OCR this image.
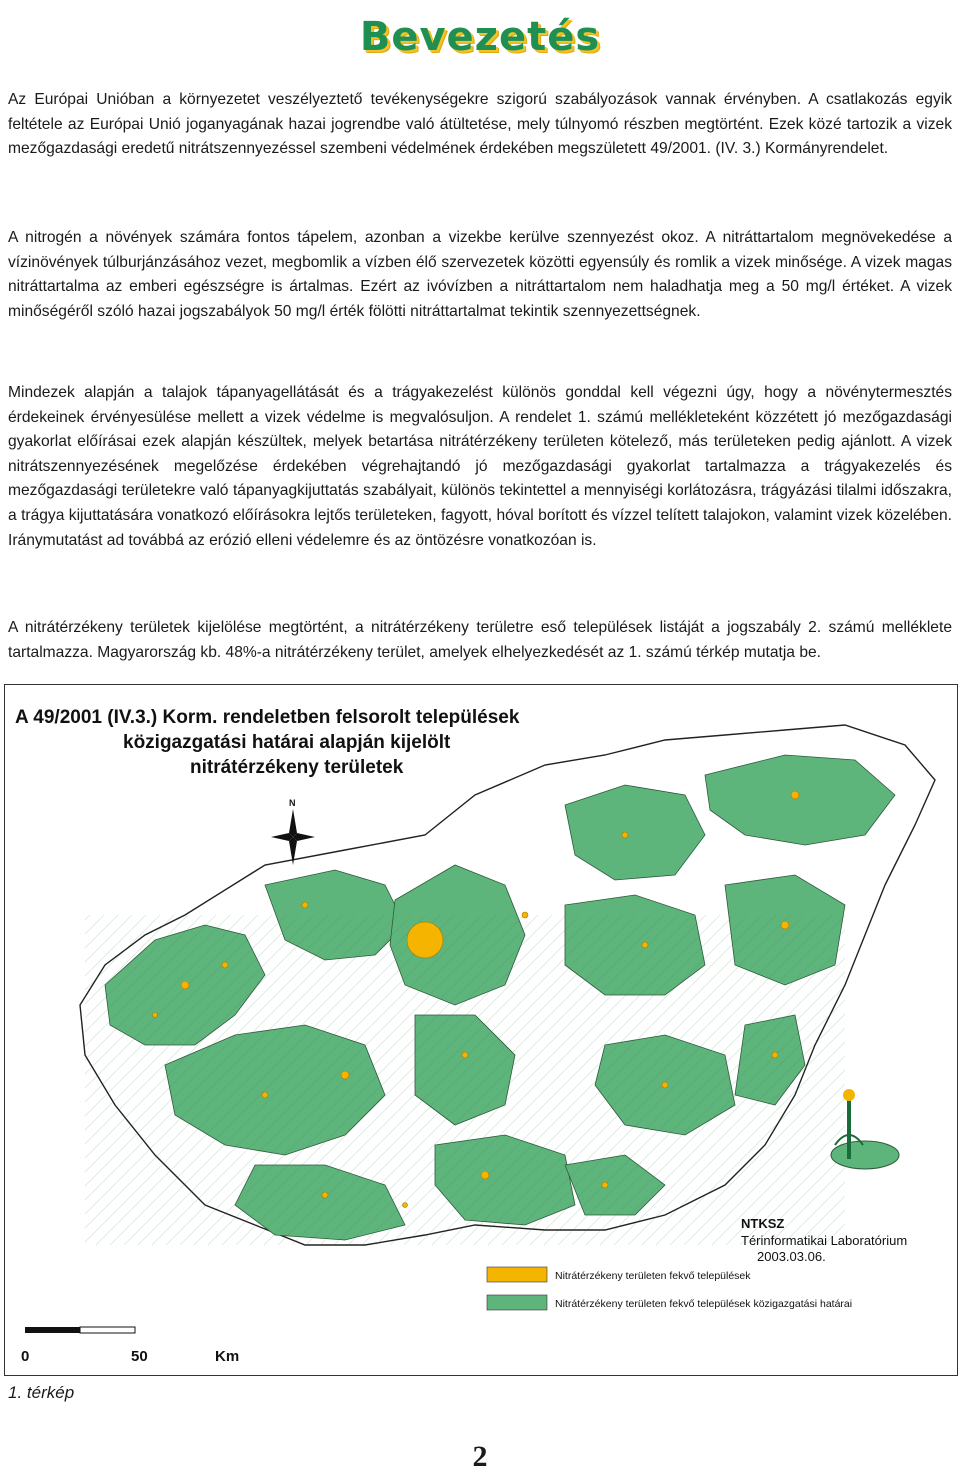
Bevezetés

Az Európai Unióban a környezetet veszélyeztető tevékenységekre szigorú szabályozások vannak érvényben. A csatlakozás egyik feltétele az Európai Unió joganyagának hazai jogrendbe való átültetése, mely túlnyomó részben megtörtént. Ezek közé tartozik a vizek mezőgazdasági eredetű nitrátszennyezéssel szembeni védelmének érdekében megszületett 49/2001. (IV. 3.) Kormányrendelet.

A nitrogén a növények számára fontos tápelem, azonban a vizekbe kerülve szennyezést okoz. A nitráttartalom megnövekedése a vízinövények túlburjánzásához vezet, megbomlik a vízben élő szervezetek közötti egyensúly és romlik a vizek minősége. A vizek magas nitráttartalma az emberi egészségre is ártalmas. Ezért az ivóvízben a nitráttartalom nem haladhatja meg a 50 mg/l értéket. A vizek minőségéről szóló hazai jogszabályok 50 mg/l érték fölötti nitráttartalmat tekintik szennyezettségnek.

Mindezek alapján a talajok tápanyagellátását és a trágyakezelést különös gonddal kell végezni úgy, hogy a növénytermesztés érdekeinek érvényesülése mellett a vizek védelme is megvalósuljon. A rendelet 1. számú mellékleteként közzétett jó mezőgazdasági gyakorlat előírásai ezek alapján készültek, melyek betartása nitrátérzékeny területen kötelező, más területeken pedig ajánlott. A vizek nitrátszennyezésének megelőzése érdekében végrehajtandó jó mezőgazdasági gyakorlat tartalmazza a trágyakezelés és mezőgazdasági területekre való tápanyagkijuttatás szabályait, különös tekintettel a mennyiségi korlátozásra, trágyázási tilalmi időszakra, a trágya kijuttatására vonatkozó előírásokra lejtős területeken, fagyott, hóval borított és vízzel telített talajokon, valamint vizek közelében. Iránymutatást ad továbbá az erózió elleni védelemre és az öntözésre vonatkozóan is.

A nitrátérzékeny területek kijelölése megtörtént, a nitrátérzékeny területre eső települések listáját a jogszabály 2. számú melléklete tartalmazza. Magyarország kb. 48%-a nitrátérzékeny terület, amelyek elhelyezkedését az 1. számú térkép mutatja be.

A 49/2001 (IV.3.) Korm. rendeletben felsorolt települések
közigazgatási határai alapján kijelölt
nitrátérzékeny területek
N
NTKSZ
Térinformatikai Laboratórium
2003.03.06.
Nitrátérzékeny területen fekvő települések
Nitrátérzékeny területen fekvő települések közigazgatási határai
0	50	Km
1. térkép
2
